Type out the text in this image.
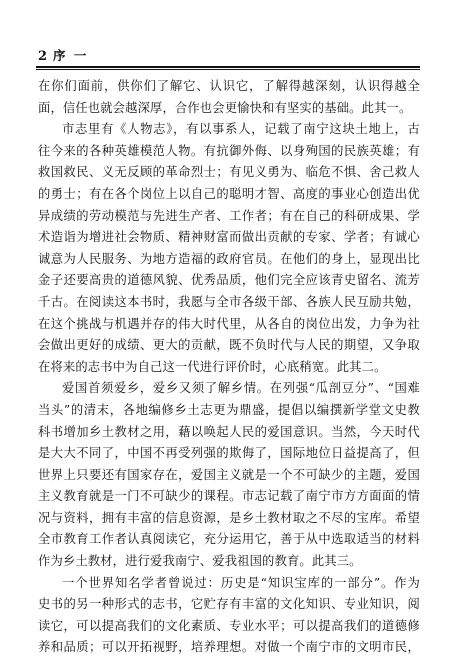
2 序 一
在你们面前，供你们了解它、认识它，了解得越深刻，认识得越全
面，信任也就会越深厚，合作也会更愉快和有坚实的基础。此其一。
市志里有《人物志》，有以事系人，记载了南宁这块土地上，古
往今来的各种英雄模范人物。有抗御外侮、以身殉国的民族英雄；有
救国救民、义无反顾的革命烈士；有见义勇为、临危不惧、舍己救人
的勇士；有在各个岗位上以自己的聪明才智、高度的事业心创造出优
异成绩的劳动模范与先进生产者、工作者；有在自己的科研成果、学
术造诣为增进社会物质、精神财富而做出贡献的专家、学者；有诚心
诚意为人民服务、为地方造福的政府官员。在他们的身上，显现出比
金子还要高贵的道德风貌、优秀品质，他们完全应该青史留名、流芳
千古。在阅读这本书时，我愿与全市各级干部、各族人民互励共勉，
在这个挑战与机遇并存的伟大时代里，从各自的岗位出发，力争为社
会做出更好的成绩、更大的贡献，既不负时代与人民的期望，又争取
在将来的志书中为自己这一代进行评价时，心底稍宽。此其二。
爱国首须爱乡，爱乡又须了解乡情。在列强“瓜剖豆分”、“国难
当头”的清末，各地编修乡土志更为鼎盛，提倡以编撰新学堂文史教
科书增加乡土教材之用，藉以唤起人民的爱国意识。当然，今天时代
是大大不同了，中国不再受列强的欺侮了，国际地位日益提高了，但
世界上只要还有国家存在，爱国主义就是一个不可缺少的主题，爱国
主义教育就是一门不可缺少的课程。市志记载了南宁市方方面面的情
况与资料，拥有丰富的信息资源，是乡土教材取之不尽的宝库。希望
全市教育工作者认真阅读它，充分运用它，善于从中选取适当的材料
作为乡土教材，进行爱我南宁、爱我祖国的教育。此其三。
一个世界知名学者曾说过：历史是“知识宝库的一部分”。作为
史书的另一种形式的志书，它贮存有丰富的文化知识、专业知识，阅
读它，可以提高我们的文化素质、专业水平；可以提高我们的道德修
养和品质；可以开拓视野，培养理想。对做一个南宁市的文明市民，
